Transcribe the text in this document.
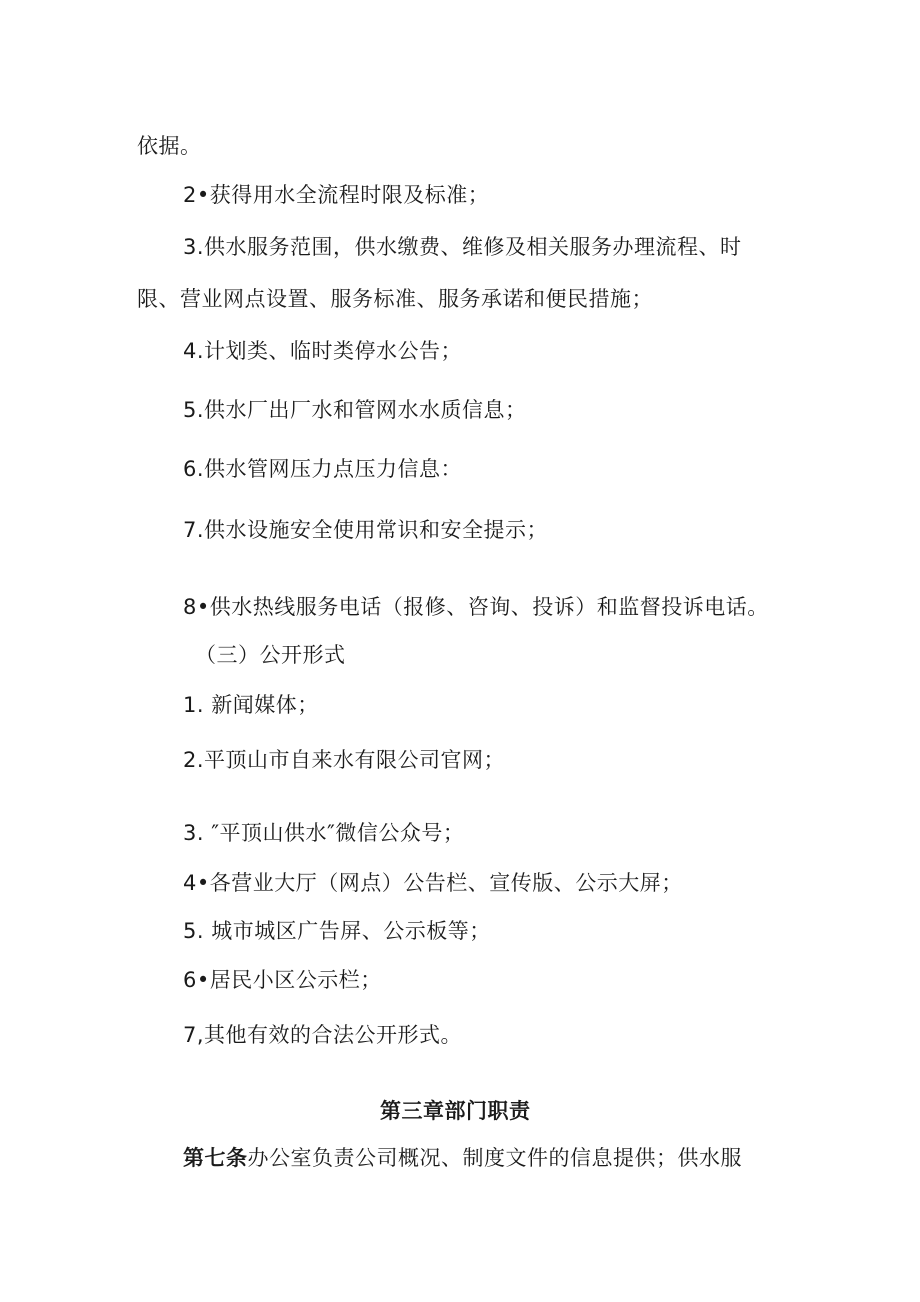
依据。
2•获得用水全流程时限及标准；
3.供水服务范围，供水缴费、维修及相关服务办理流程、时
限、营业网点设置、服务标准、服务承诺和便民措施；
4.计划类、临时类停水公告；
5.供水厂出厂水和管网水水质信息；
6.供水管网压力点压力信息：
7.供水设施安全使用常识和安全提示；
8•供水热线服务电话（报修、咨询、投诉）和监督投诉电话。
（三）公开形式
1. 新闻媒体；
2.平顶山市自来水有限公司官网；
3. ″平顶山供水″微信公众号；
4•各营业大厅（网点）公告栏、宣传版、公示大屏；
5. 城市城区广告屏、公示板等；
6•居民小区公示栏；
7,其他有效的合法公开形式。
第三章部门职责
第七条办公室负责公司概况、制度文件的信息提供；供水服
